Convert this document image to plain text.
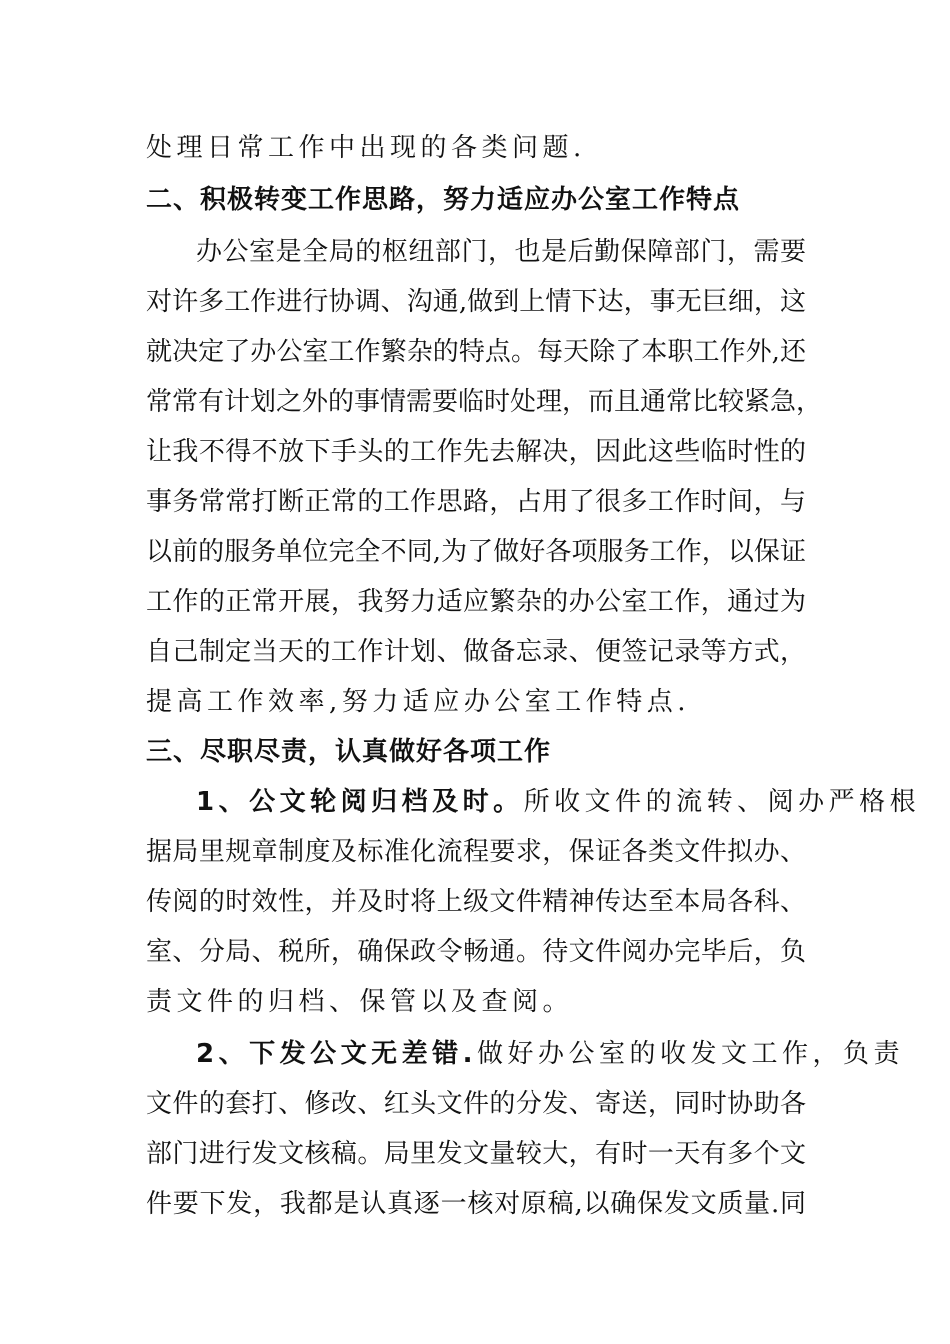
处理日常工作中出现的各类问题.
二、积极转变工作思路，努力适应办公室工作特点
办公室是全局的枢纽部门，也是后勤保障部门，需要
对许多工作进行协调、沟通,做到上情下达，事无巨细，这
就决定了办公室工作繁杂的特点。每天除了本职工作外,还
常常有计划之外的事情需要临时处理，而且通常比较紧急，
让我不得不放下手头的工作先去解决，因此这些临时性的
事务常常打断正常的工作思路，占用了很多工作时间，与
以前的服务单位完全不同,为了做好各项服务工作，以保证
工作的正常开展，我努力适应繁杂的办公室工作，通过为
自己制定当天的工作计划、做备忘录、便签记录等方式，
提高工作效率,努力适应办公室工作特点.
三、尽职尽责，认真做好各项工作
1、公文轮阅归档及时。所收文件的流转、阅办严格根
据局里规章制度及标准化流程要求，保证各类文件拟办、
传阅的时效性，并及时将上级文件精神传达至本局各科、
室、分局、税所，确保政令畅通。待文件阅办完毕后，负
责文件的归档、保管以及查阅。
2、下发公文无差错.做好办公室的收发文工作，负责
文件的套打、修改、红头文件的分发、寄送，同时协助各
部门进行发文核稿。局里发文量较大，有时一天有多个文
件要下发，我都是认真逐一核对原稿,以确保发文质量.同
